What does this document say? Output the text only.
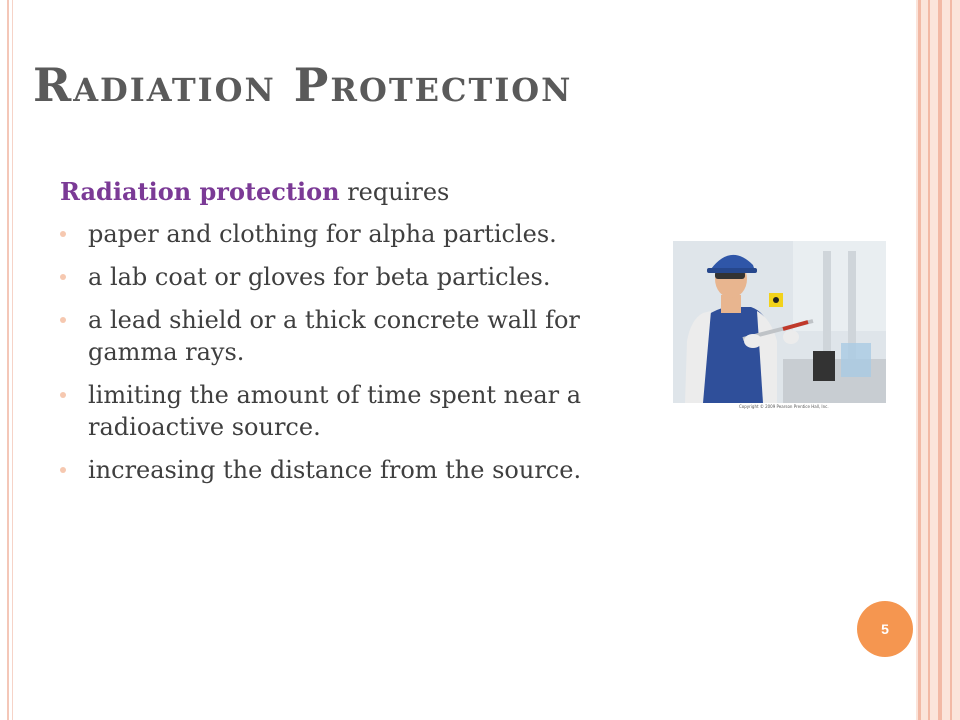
Radiation Protection

Radiation protection requires

paper and clothing for alpha particles.
a lab coat or gloves for beta particles.
a lead shield or a thick concrete wall for gamma rays.
limiting the amount of time spent near a radioactive source.
increasing the distance from the source.
Copyright © 2009 Pearson Prentice Hall, Inc.
5
